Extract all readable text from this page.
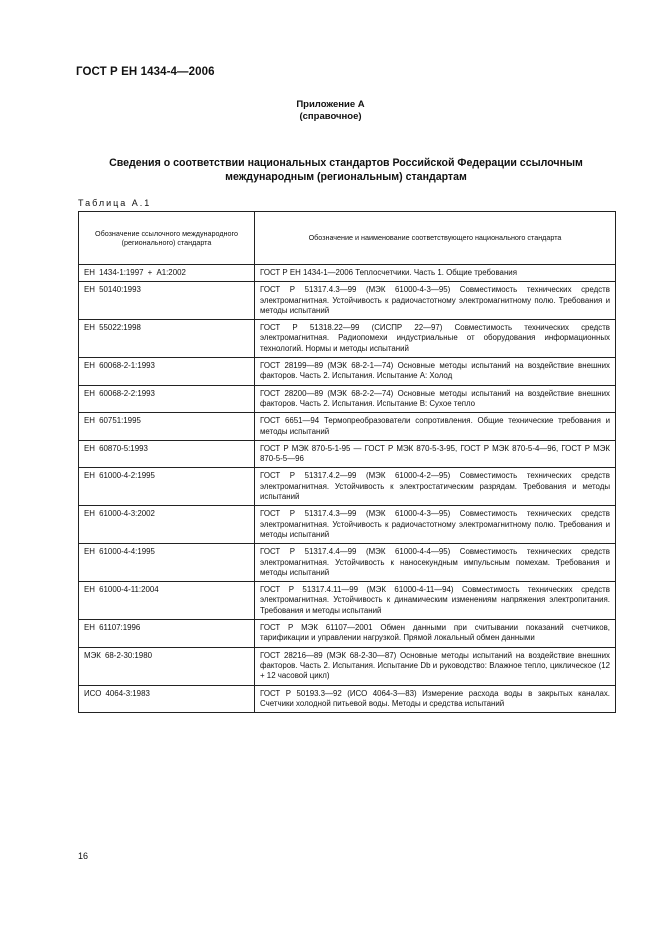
ГОСТ Р ЕН 1434-4—2006
Приложение А
(справочное)
Сведения о соответствии национальных стандартов Российской Федерации ссылочным международным (региональным) стандартам
Таблица А.1
Обозначение ссылочного международного (регионального) стандарта	Обозначение и наименование соответствующего национального стандарта
ЕН 1434-1:1997 + А1:2002	ГОСТ Р ЕН 1434-1—2006 Теплосчетчики. Часть 1. Общие требования
ЕН 50140:1993	ГОСТ Р 51317.4.3—99 (МЭК 61000-4-3—95) Совместимость технических средств электромагнитная. Устойчивость к радиочастотному электромагнитному полю. Требования и методы испытаний
ЕН 55022:1998	ГОСТ Р 51318.22—99 (СИСПР 22—97) Совместимость технических средств электромагнитная. Радиопомехи индустриальные от оборудования информационных технологий. Нормы и методы испытаний
ЕН 60068-2-1:1993	ГОСТ 28199—89 (МЭК 68-2-1—74) Основные методы испытаний на воздействие внешних факторов. Часть 2. Испытания. Испытание А: Холод
ЕН 60068-2-2:1993	ГОСТ 28200—89 (МЭК 68-2-2—74) Основные методы испытаний на воздействие внешних факторов. Часть 2. Испытания. Испытание В: Сухое тепло
ЕН 60751:1995	ГОСТ 6651—94 Термопреобразователи сопротивления. Общие технические требования и методы испытаний
ЕН 60870-5:1993	ГОСТ Р МЭК 870-5-1-95 — ГОСТ Р МЭК 870-5-3-95, ГОСТ Р МЭК 870-5-4—96, ГОСТ Р МЭК 870-5-5—96
ЕН 61000-4-2:1995	ГОСТ Р 51317.4.2—99 (МЭК 61000-4-2—95) Совместимость технических средств электромагнитная. Устойчивость к электростатическим разрядам. Требования и методы испытаний
ЕН 61000-4-3:2002	ГОСТ Р 51317.4.3—99 (МЭК 61000-4-3—95) Совместимость технических средств электромагнитная. Устойчивость к радиочастотному электромагнитному полю. Требования и методы испытаний
ЕН 61000-4-4:1995	ГОСТ Р 51317.4.4—99 (МЭК 61000-4-4—95) Совместимость технических средств электромагнитная. Устойчивость к наносекундным импульсным помехам. Требования и методы испытаний
ЕН 61000-4-11:2004	ГОСТ Р 51317.4.11—99 (МЭК 61000-4-11—94) Совместимость технических средств электромагнитная. Устойчивость к динамическим изменениям напряжения электропитания. Требования и методы испытаний
ЕН 61107:1996	ГОСТ Р МЭК 61107—2001 Обмен данными при считывании показаний счетчиков, тарификации и управлении нагрузкой. Прямой локальный обмен данными
МЭК 68-2-30:1980	ГОСТ 28216—89 (МЭК 68-2-30—87) Основные методы испытаний на воздействие внешних факторов. Часть 2. Испытания. Испытание Db и руководство: Влажное тепло, циклическое (12 + 12 часовой цикл)
ИСО 4064-3:1983	ГОСТ Р 50193.3—92 (ИСО 4064-3—83) Измерение расхода воды в закрытых каналах. Счетчики холодной питьевой воды. Методы и средства испытаний
16
